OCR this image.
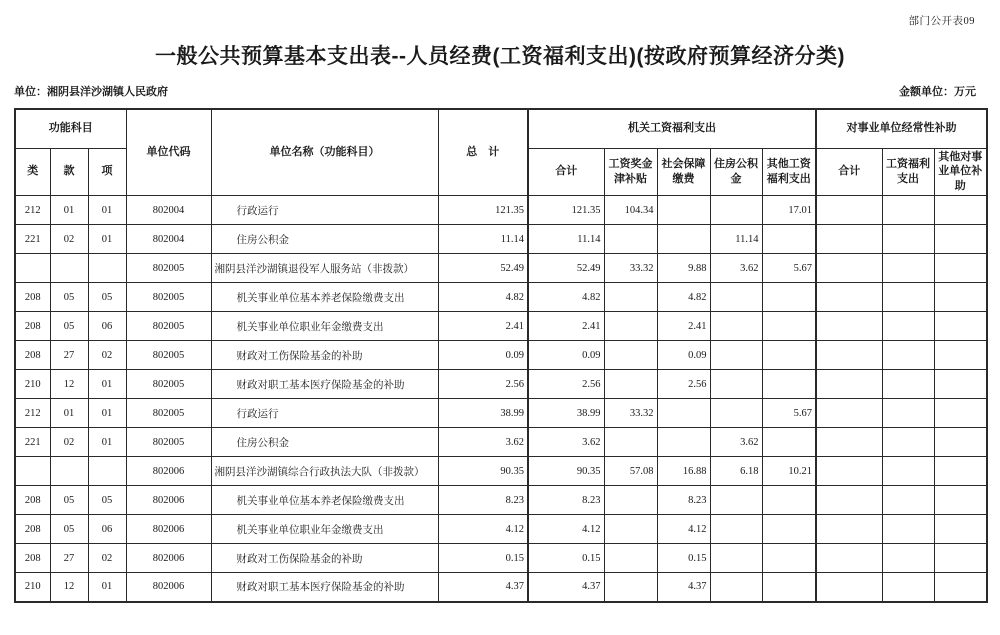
部门公开表09
一般公共预算基本支出表--人员经费(工资福利支出)(按政府预算经济分类)
单位：湘阴县洋沙湖镇人民政府	金额单位：万元
功能科目			单位代码	单位名称（功能科目）	总　计	机关工资福利支出					对事业单位经常性补助		
类	款	项				合计	工资奖金津补贴	社会保障缴费	住房公积金	其他工资福利支出	合计	工资福利支出	其他对事业单位补助
212	01	01	802004	行政运行	121.35	121.35	104.34			17.01			
221	02	01	802004	住房公积金	11.14	11.14			11.14				
			802005	湘阴县洋沙湖镇退役军人服务站（非拨款）	52.49	52.49	33.32	9.88	3.62	5.67			
208	05	05	802005	机关事业单位基本养老保险缴费支出	4.82	4.82		4.82					
208	05	06	802005	机关事业单位职业年金缴费支出	2.41	2.41		2.41					
208	27	02	802005	财政对工伤保险基金的补助	0.09	0.09		0.09					
210	12	01	802005	财政对职工基本医疗保险基金的补助	2.56	2.56		2.56					
212	01	01	802005	行政运行	38.99	38.99	33.32			5.67			
221	02	01	802005	住房公积金	3.62	3.62			3.62				
			802006	湘阴县洋沙湖镇综合行政执法大队（非拨款）	90.35	90.35	57.08	16.88	6.18	10.21			
208	05	05	802006	机关事业单位基本养老保险缴费支出	8.23	8.23		8.23					
208	05	06	802006	机关事业单位职业年金缴费支出	4.12	4.12		4.12					
208	27	02	802006	财政对工伤保险基金的补助	0.15	0.15		0.15					
210	12	01	802006	财政对职工基本医疗保险基金的补助	4.37	4.37		4.37					
